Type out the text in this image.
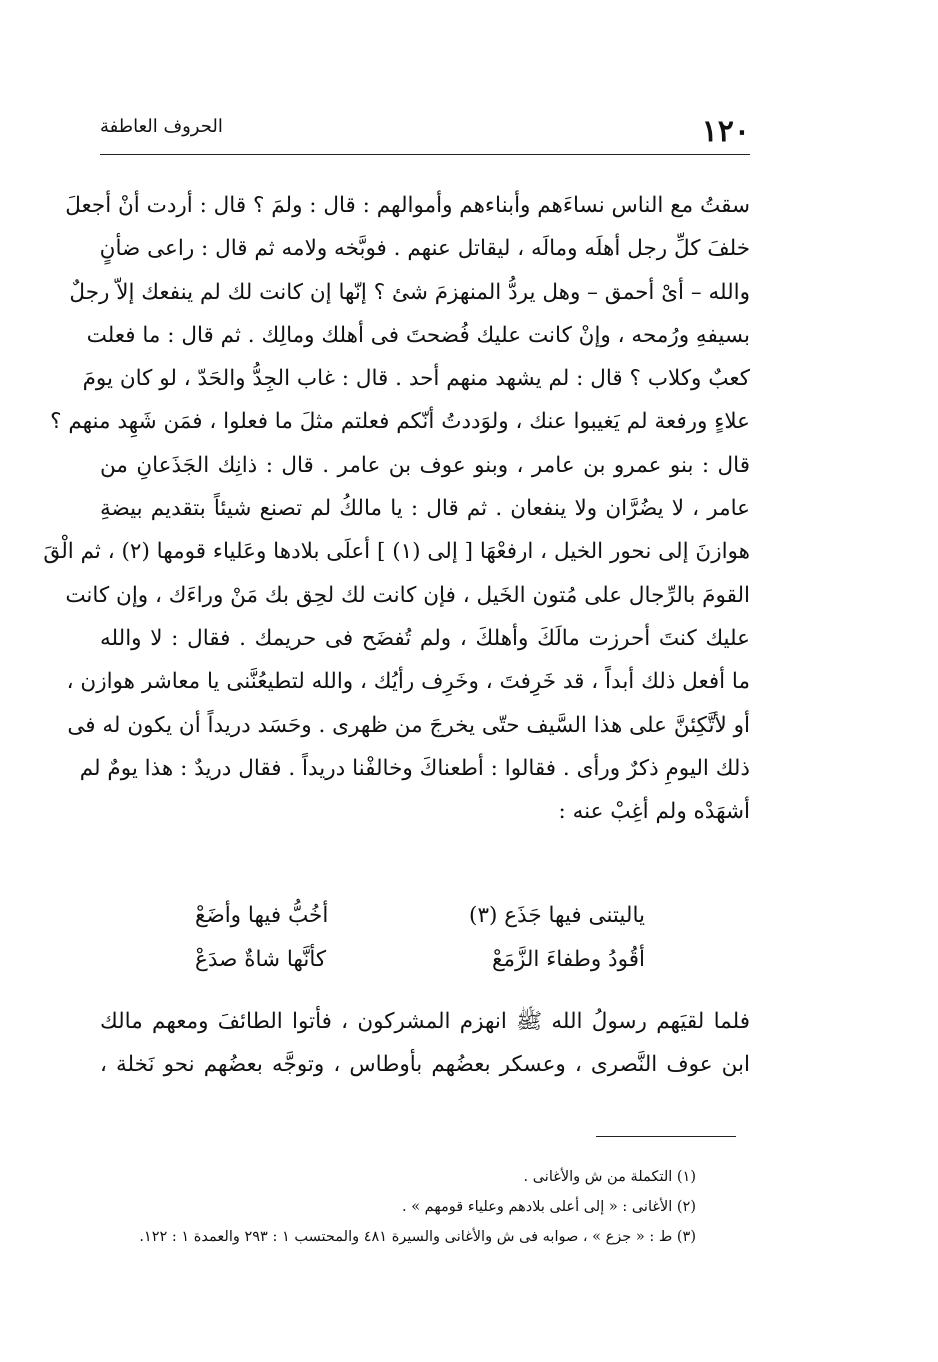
١٢٠
الحروف العاطفة
سقتُ مع الناس نساءَهم وأبناءهم وأموالهم : قال : ولمَ ؟ قال : أردت أنْ أجعلَ
خلفَ كلِّ رجل أهلَه ومالَه ، ليقاتل عنهم . فوبَّخه ولامه ثم قال : راعى ضأنٍ
والله – أىْ أحمق – وهل يردُّ المنهزمَ شئ ؟ إنّها إن كانت لك لم ينفعك إلاّ رجلٌ
بسيفهِ ورُمحه ، وإنْ كانت عليك فُضحتَ فى أهلك ومالِك . ثم قال : ما فعلت
كعبٌ وكلاب ؟ قال : لم يشهد منهم أحد . قال : غاب الجِدُّ والحَدّ ، لو كان يومَ
علاءٍ ورفعة لم يَغيبوا عنك ، ولوَددتُ أنّكم فعلتم مثلَ ما فعلوا ، فمَن شَهِد منهم ؟
قال : بنو عمرو بن عامر ، وبنو عوف بن عامر . قال : ذانِك الجَذَعانِ من
عامر ، لا يضُرَّان ولا ينفعان . ثم قال : يا مالكُ لم تصنع شيئاً بتقديم بيضةِ
هوازنَ إلى نحور الخيل ، ارفعْهَا [ إلى (١) ] أعلَى بلادها وعَلياء قومها (٢) ، ثم الْقَ
القومَ بالرِّجال على مُتون الخَيل ، فإن كانت لك لحِق بك مَنْ وراءَك ، وإن كانت
عليك كنتَ أحرزت مالَكَ وأهلكَ ، ولم تُفضَح فى حريمك . فقال : لا والله
ما أفعل ذلك أبداً ، قد خَرِفتَ ، وخَرِف رأيُك ، والله لتطيعُنَّنى يا معاشر هوازن ،
أو لأتَّكِئنَّ على هذا السَّيف حتّى يخرجَ من ظهرى . وحَسَد دريداً أن يكون له فى
ذلك اليومِ ذكرٌ ورأى . فقالوا : أطعناكَ وخالفْنا دريداً . فقال دريدٌ : هذا يومٌ لم
أشهَدْه ولم أغِبْ عنه :
ياليتنى فيها جَذَع (٣)
أخُبُّ فيها وأضَعْ
أقُودُ وطفاءَ الزَّمَعْ
كأنَّها شاةٌ صدَعْ
فلما لقيَهم رسولُ الله ﷺ انهزم المشركون ، فأتوا الطائفَ ومعهم مالك
ابن عوف النَّصرى ، وعسكر بعضُهم بأوطاس ، وتوجَّه بعضُهم نحو نَخلة ،
(١) التكملة من ش والأغانى .
(٢) الأغانى : « إلى أعلى بلادهم وعلياء قومهم » .
(٣) ط : « جزع » ، صوابه فى ش والأغانى والسيرة ٤٨١ والمحتسب ١ : ٢٩٣ والعمدة ١ : ١٢٢.
